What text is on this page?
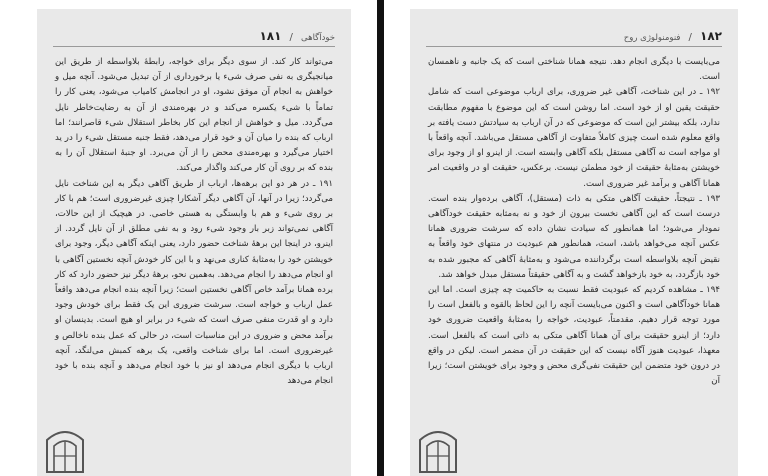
خودآگاهی / ۱۸۱

می‌تواند کار کند. از سوی دیگر برای خواجه، رابطهٔ بلاواسطه از طریق این میانجیگری به نفی صرف شیء یا برخورداری از آن تبدیل می‌شود. آنچه میل و خواهش به انجام آن موفق نشود، او در انجامش کامیاب می‌شود، یعنی کار را تماماً با شیء یکسره می‌کند و در بهره‌مندی از آن به رضایت‌خاطر نایل می‌گردد. میل و خواهش از انجام این کار بخاطر استقلال شیء قاصرانند؛ اما ارباب که بنده را میان آن و خود قرار می‌دهد، فقط جنبه مستقل شیء را در ید اختیار می‌گیرد و بهره‌مندی محض را از آن می‌برد. او جنبهٔ استقلال آن را به بنده که بر روی آن کار می‌کند واگذار می‌کند.

۱۹۱ ـ در هر دو این برهه‌ها، ارباب از طریق آگاهی دیگر به این شناخت نایل می‌گردد؛ زیرا در آنها، آن آگاهی دیگر آشکارا چیزی غیرضروری است؛ هم با کار بر روی شیء و هم با وابستگی به هستی خاصی. در هیچیک از این حالات، آگاهی نمی‌تواند زبر بار وجود شیء رود و به نفی مطلق از آن نایل گردد. از اینرو، در اینجا این برههٔ شناخت حضور دارد، یعنی اینکه آگاهی دیگر، وجود برای خویشتن خود را به‌مثابهٔ کناری می‌نهد و با این کار خودش آنچه نخستین آگاهی با او انجام می‌دهد را انجام می‌دهد. به‌همین نحو، برههٔ دیگر نیز حضور دارد که کار برده همانا برآمد خاص آگاهی نخستین است؛ زیرا آنچه بنده انجام می‌دهد واقعاً عمل ارباب و خواجه است. سرشت ضروری این یک فقط برای خودش وجود دارد و او قدرت منفی صرف است که شیء در برابر او هیچ است. بدینسان او برآمد محض و ضروری در این مناسبات است، در حالی که عمل بنده ناخالص و غیرضروری است. اما برای شناخت واقعی، یک برهه کمبش می‌لنگد، آنچه ارباب با دیگری انجام می‌دهد او نیز با خود انجام می‌دهد و آنچه بنده با خود انجام می‌دهد

۱۸۲ / فنومنولوژی روح

می‌بایست با دیگری انجام دهد. نتیجه همانا شناختی است که یک جانبه و ناهمسان است.

۱۹۲ ـ در این شناخت، آگاهی غیر ضروری، برای ارباب موضوعی است که شامل حقیقت یقین او از خود است. اما روشن است که این موضوع با مفهوم مطابقت ندارد، بلکه بیشتر این است که موضوعی که در آن ارباب به سیادتش دست یافته بر واقع معلوم شده است چیزی کاملاً متفاوت از آگاهی مستقل می‌باشد. آنچه واقعاً با او مواجه است نه آگاهی مستقل بلکه آگاهی وابسته است. از اینرو او از وجود برای خویشتن به‌مثابهٔ حقیقت از خود مطمئن نیست. برعکس، حقیقت او در واقعیت امر همانا آگاهی و برآمد غیر ضروری است.

۱۹۳ ـ نتیجتاً، حقیقت آگاهی متکی به ذات (مستقل)، آگاهی برده‌وار بنده است. درست است که این آگاهی نخست بیرون از خود و نه به‌مثابه حقیقت خودآگاهی نمودار می‌شود؛ اما همانطور که سیادت نشان داده که سرشت ضروری همانا عکس آنچه می‌خواهد باشد، است، همانطور هم عبودیت در منتهای خود واقعاً به نقیض آنچه بلاواسطه است برگرداننده می‌شود و به‌مثابهٔ آگاهی که مجبور شده به خود بازگردد، به خود بازخواهد گشت و به آگاهی حقیقتاً مستقل مبدل خواهد شد.

۱۹۴ ـ مشاهده کردیم که عبودیت فقط نسبت به حاکمیت چه چیزی است. اما این همانا خودآگاهی است و اکنون می‌بایست آنچه را این لحاظ بالقوه و بالفعل است را مورد توجه قرار دهیم. مقدمتاً، عبودیت، خواجه را به‌مثابهٔ واقعیت ضروری خود دارد؛ از اینرو حقیقت برای آن همانا آگاهی متکی به ذاتی است که بالفعل است. معهذا، عبودیت هنوز آگاه نیست که این حقیقت در آن مضمر است. لیکن در واقع در درون خود متضمن این حقیقت نفی‌گری محض و وجود برای خویشتن است؛ زیرا آن
